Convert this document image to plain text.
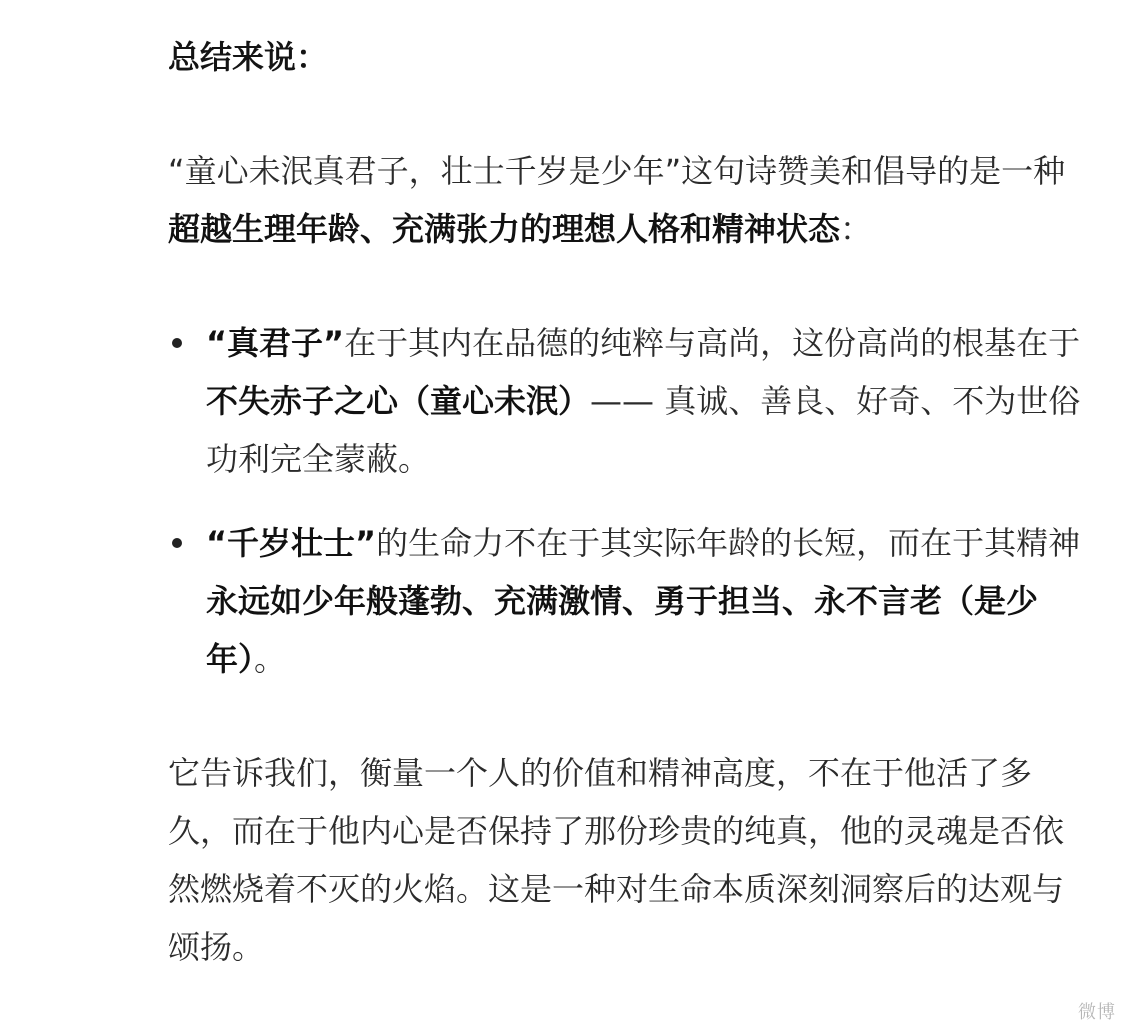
总结来说：

“童心未泯真君子，壮士千岁是少年”这句诗赞美和倡导的是一种超越生理年龄、充满张力的理想人格和精神状态：

“真君子”在于其内在品德的纯粹与高尚，这份高尚的根基在于不失赤子之心（童心未泯）—— 真诚、善良、好奇、不为世俗功利完全蒙蔽。
“千岁壮士”的生命力不在于其实际年龄的长短，而在于其精神永远如少年般蓬勃、充满激情、勇于担当、永不言老（是少年）。

它告诉我们，衡量一个人的价值和精神高度，不在于他活了多久，而在于他内心是否保持了那份珍贵的纯真，他的灵魂是否依然燃烧着不灭的火焰。这是一种对生命本质深刻洞察后的达观与颂扬。

微博
